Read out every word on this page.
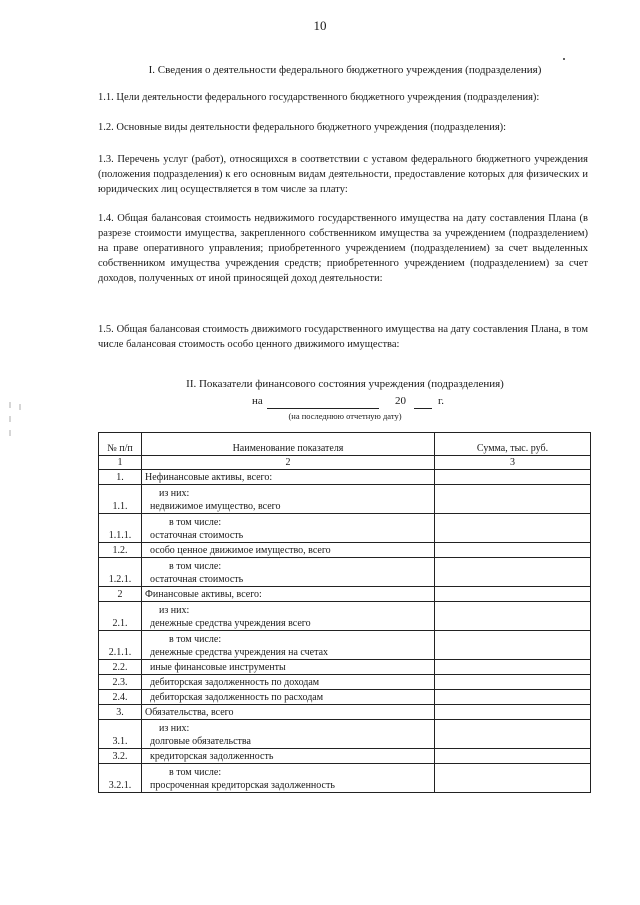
10
I. Сведения о деятельности федерального бюджетного учреждения (подразделения)
1.1. Цели деятельности федерального государственного бюджетного учреждения (подразделения):
1.2. Основные виды деятельности федерального бюджетного учреждения (подразделения):
1.3. Перечень услуг (работ), относящихся в соответствии с уставом федерального бюджетного учреждения (положения подразделения) к его основным видам деятельности, предоставление которых для физических и юридических лиц осуществляется в том числе за плату:
1.4. Общая балансовая стоимость недвижимого государственного имущества на дату составления Плана (в разрезе стоимости имущества, закрепленного собственником имущества за учреждением (подразделением) на праве оперативного управления; приобретенного учреждением (подразделением) за счет выделенных собственником имущества учреждения средств; приобретенного учреждением (подразделением) за счет доходов, полученных от иной приносящей доход деятельности:
1.5. Общая балансовая стоимость движимого государственного имущества на дату составления Плана, в том числе балансовая стоимость особо ценного движимого имущества:
II. Показатели финансового состояния учреждения (подразделения)
на	20	г.
(на последнюю отчетную дату)
№ п/п	Наименование показателя	Сумма, тыс. руб.
1	2	3
1.	Нефинансовые активы, всего:	

1.1.	из них:
недвижимое имущество, всего	

1.1.1.	в том числе:
остаточная стоимость	

1.2.	особо ценное движимое имущество, всего	

1.2.1.	в том числе:
остаточная стоимость	

2	Финансовые активы, всего:	

2.1.	из них:
денежные средства учреждения всего	

2.1.1.	в том числе:
денежные средства учреждения на счетах	

2.2.	иные финансовые инструменты	

2.3.	дебиторская задолженность по доходам	

2.4.	дебиторская задолженность по расходам	

3.	Обязательства, всего	

3.1.	из них:
долговые обязательства	

3.2.	кредиторская задолженность	

3.2.1.	в том числе:
просроченная кредиторская задолженность	
